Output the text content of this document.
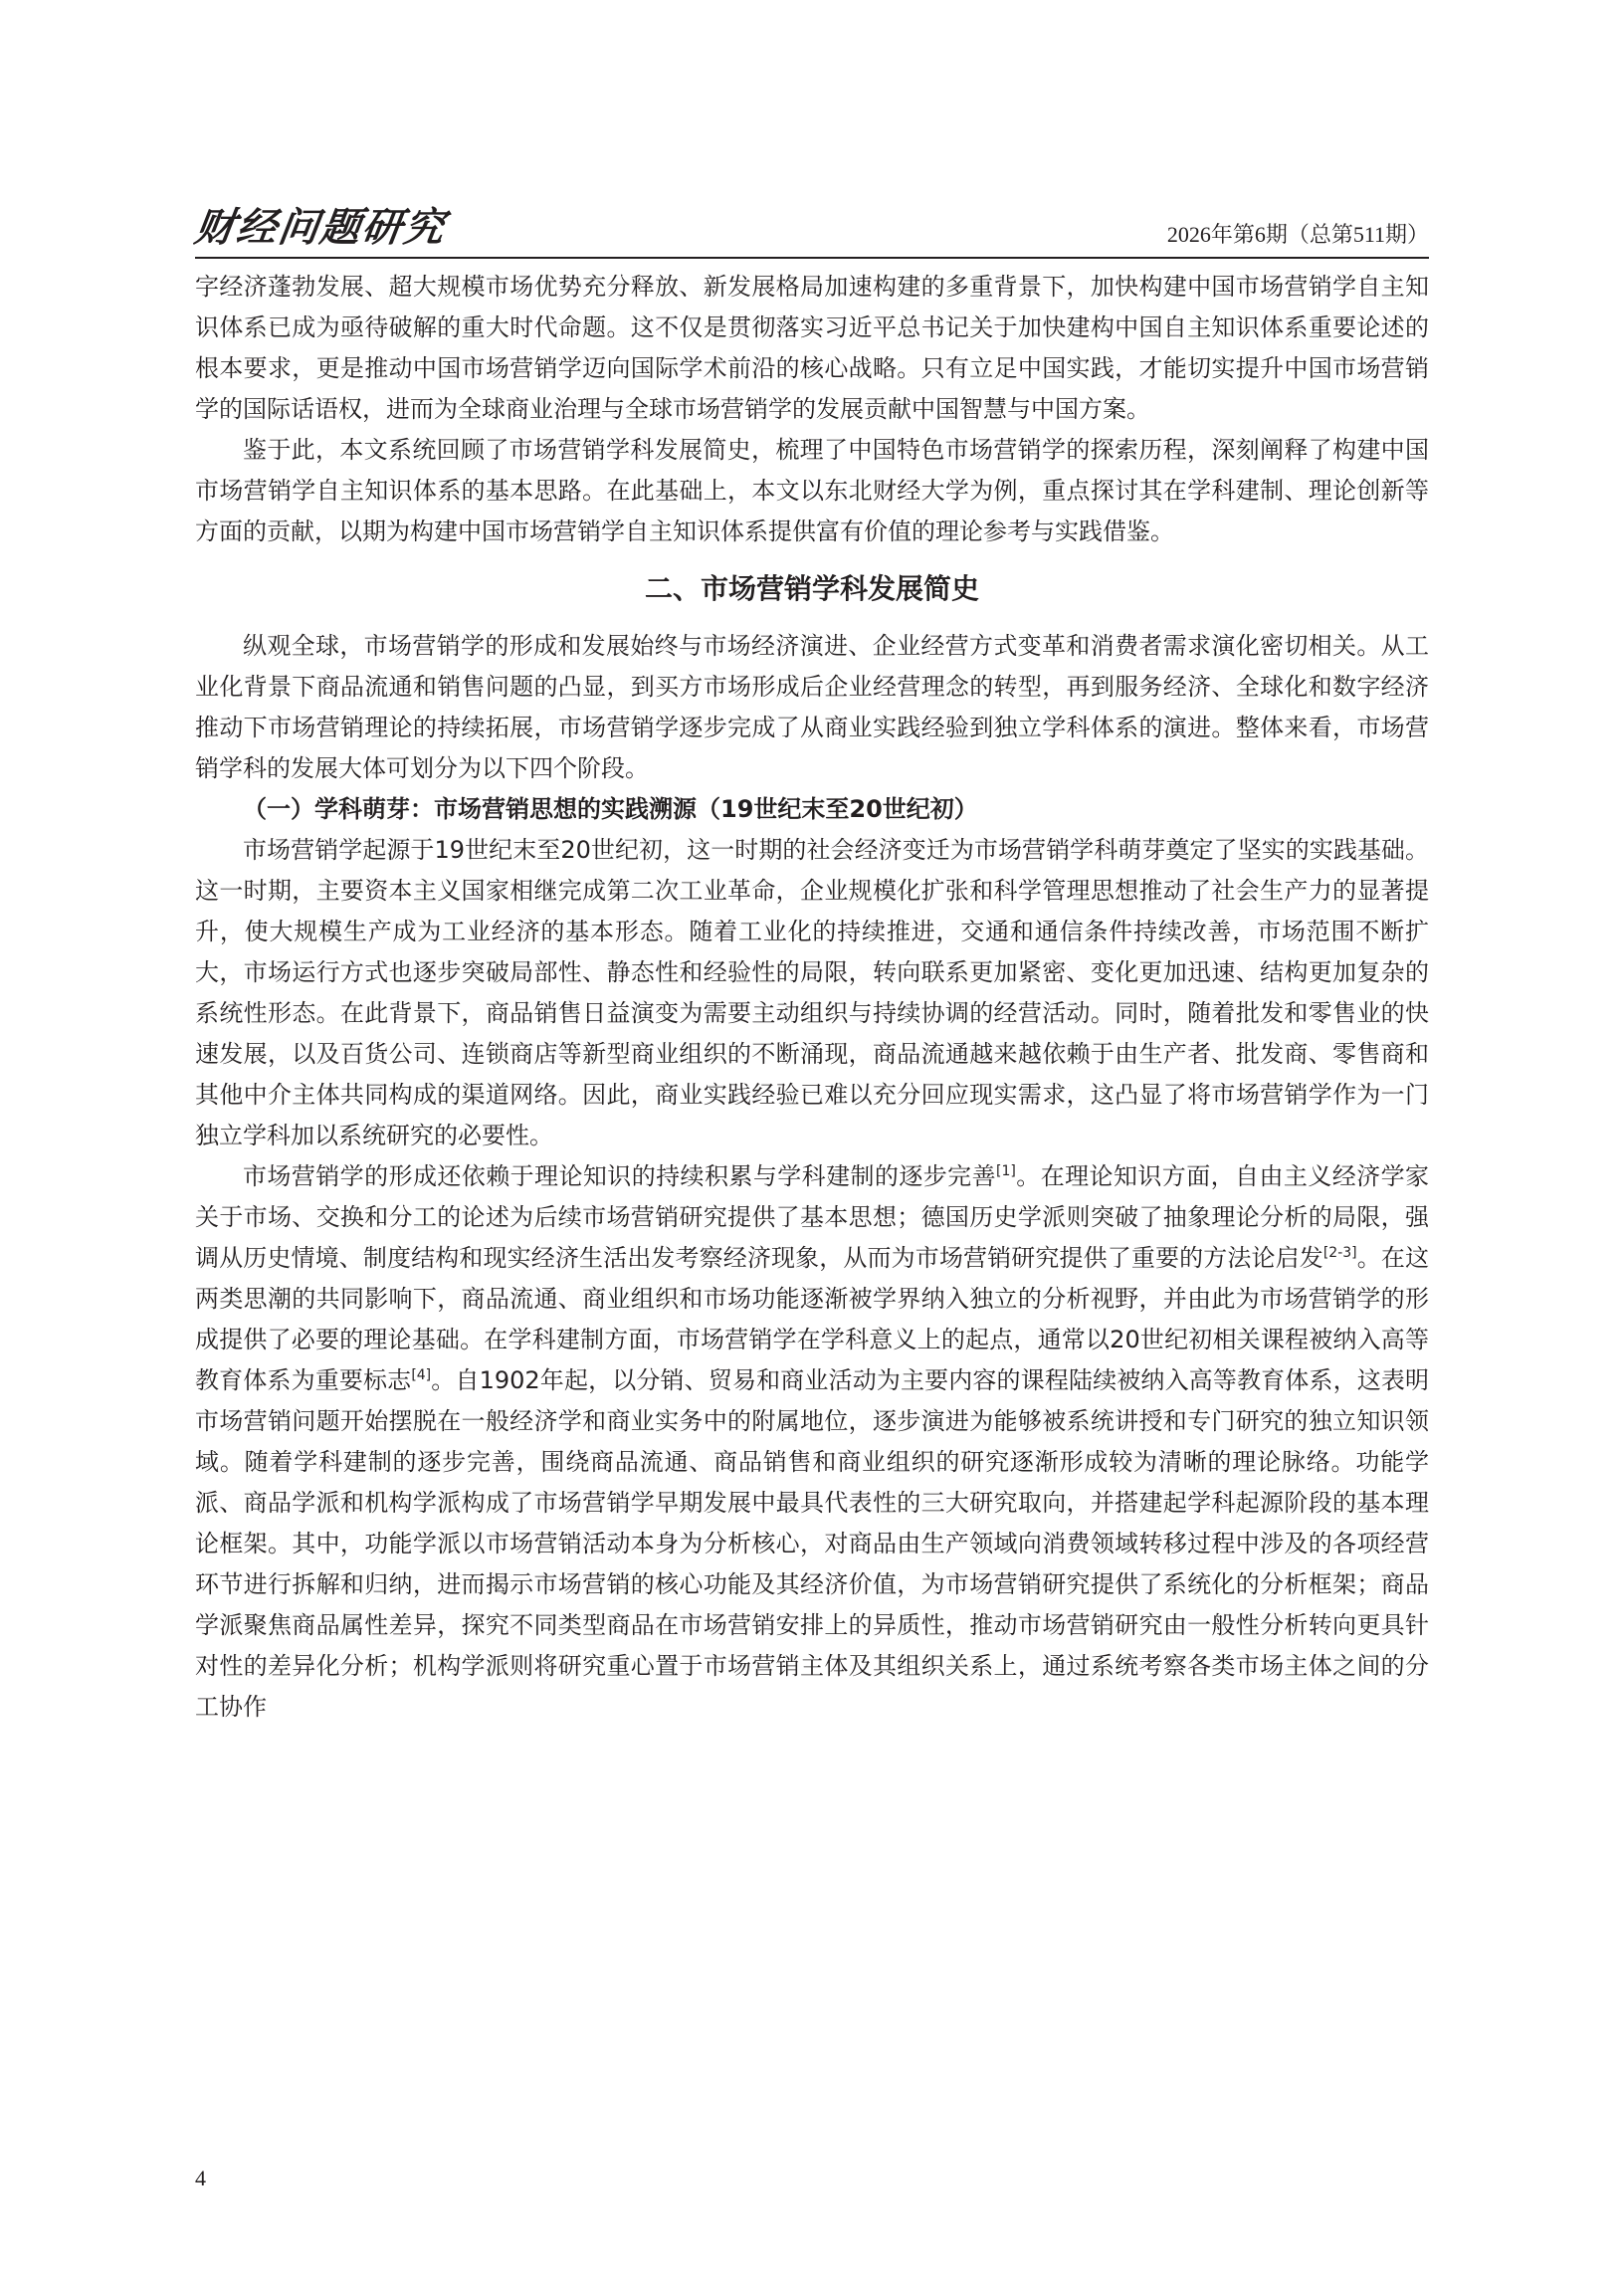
财经问题研究	2026年第6期（总第511期）

字经济蓬勃发展、超大规模市场优势充分释放、新发展格局加速构建的多重背景下，加快构建中国市场营销学自主知识体系已成为亟待破解的重大时代命题。这不仅是贯彻落实习近平总书记关于加快建构中国自主知识体系重要论述的根本要求，更是推动中国市场营销学迈向国际学术前沿的核心战略。只有立足中国实践，才能切实提升中国市场营销学的国际话语权，进而为全球商业治理与全球市场营销学的发展贡献中国智慧与中国方案。

鉴于此，本文系统回顾了市场营销学科发展简史，梳理了中国特色市场营销学的探索历程，深刻阐释了构建中国市场营销学自主知识体系的基本思路。在此基础上，本文以东北财经大学为例，重点探讨其在学科建制、理论创新等方面的贡献，以期为构建中国市场营销学自主知识体系提供富有价值的理论参考与实践借鉴。

二、市场营销学科发展简史

纵观全球，市场营销学的形成和发展始终与市场经济演进、企业经营方式变革和消费者需求演化密切相关。从工业化背景下商品流通和销售问题的凸显，到买方市场形成后企业经营理念的转型，再到服务经济、全球化和数字经济推动下市场营销理论的持续拓展，市场营销学逐步完成了从商业实践经验到独立学科体系的演进。整体来看，市场营销学科的发展大体可划分为以下四个阶段。

（一）学科萌芽：市场营销思想的实践溯源（19世纪末至20世纪初）

市场营销学起源于19世纪末至20世纪初，这一时期的社会经济变迁为市场营销学科萌芽奠定了坚实的实践基础。这一时期，主要资本主义国家相继完成第二次工业革命，企业规模化扩张和科学管理思想推动了社会生产力的显著提升，使大规模生产成为工业经济的基本形态。随着工业化的持续推进，交通和通信条件持续改善，市场范围不断扩大，市场运行方式也逐步突破局部性、静态性和经验性的局限，转向联系更加紧密、变化更加迅速、结构更加复杂的系统性形态。在此背景下，商品销售日益演变为需要主动组织与持续协调的经营活动。同时，随着批发和零售业的快速发展，以及百货公司、连锁商店等新型商业组织的不断涌现，商品流通越来越依赖于由生产者、批发商、零售商和其他中介主体共同构成的渠道网络。因此，商业实践经验已难以充分回应现实需求，这凸显了将市场营销学作为一门独立学科加以系统研究的必要性。

市场营销学的形成还依赖于理论知识的持续积累与学科建制的逐步完善[1]。在理论知识方面，自由主义经济学家关于市场、交换和分工的论述为后续市场营销研究提供了基本思想；德国历史学派则突破了抽象理论分析的局限，强调从历史情境、制度结构和现实经济生活出发考察经济现象，从而为市场营销研究提供了重要的方法论启发[2-3]。在这两类思潮的共同影响下，商品流通、商业组织和市场功能逐渐被学界纳入独立的分析视野，并由此为市场营销学的形成提供了必要的理论基础。在学科建制方面，市场营销学在学科意义上的起点，通常以20世纪初相关课程被纳入高等教育体系为重要标志[4]。自1902年起，以分销、贸易和商业活动为主要内容的课程陆续被纳入高等教育体系，这表明市场营销问题开始摆脱在一般经济学和商业实务中的附属地位，逐步演进为能够被系统讲授和专门研究的独立知识领域。随着学科建制的逐步完善，围绕商品流通、商品销售和商业组织的研究逐渐形成较为清晰的理论脉络。功能学派、商品学派和机构学派构成了市场营销学早期发展中最具代表性的三大研究取向，并搭建起学科起源阶段的基本理论框架。其中，功能学派以市场营销活动本身为分析核心，对商品由生产领域向消费领域转移过程中涉及的各项经营环节进行拆解和归纳，进而揭示市场营销的核心功能及其经济价值，为市场营销研究提供了系统化的分析框架；商品学派聚焦商品属性差异，探究不同类型商品在市场营销安排上的异质性，推动市场营销研究由一般性分析转向更具针对性的差异化分析；机构学派则将研究重心置于市场营销主体及其组织关系上，通过系统考察各类市场主体之间的分工协作

4
